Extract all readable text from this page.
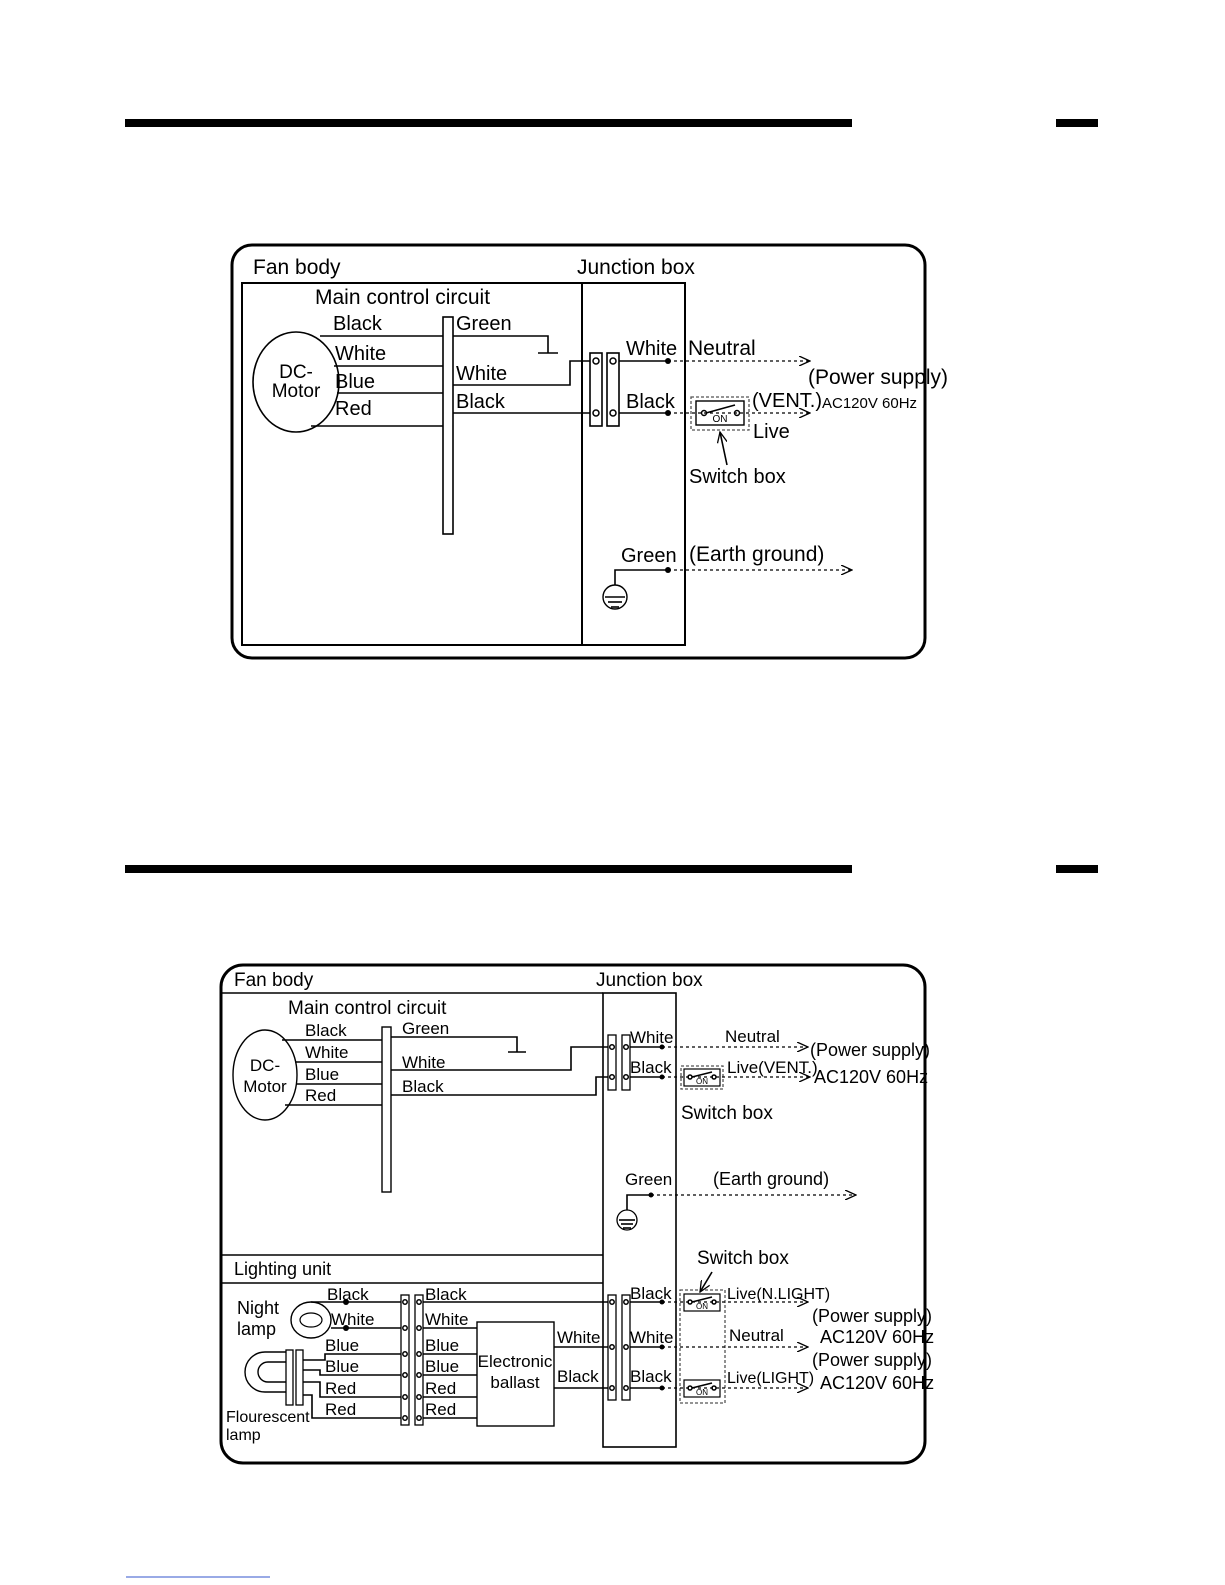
Fan body	Junction box
Main control circuit
DC-
Motor
Black
White
Blue
Red
Green
White
Black
White
Black
Neutral
ON
(VENT.)
Live
(Power supply)
AC120V 60Hz
Switch box
Green (Earth ground)
Fan body	Junction box
Main control circuit
DC-
Motor
Black
White
Blue
Red
Green
White
Black
White
Black
Neutral
(Power supply)
ON
Live(VENT.)
AC120V 60Hz
Switch box
Green (Earth ground)
Lighting unit
Night
lamp
Flourescent
lamp
Black
White
Blue
Blue
Red
Red
Black
White
Blue
Blue
Red
Red
Electronic
ballast
White
Black
Black
White
Black
ON
Switch box
Live(N.LIGHT)
(Power supply)
AC120V 60Hz
Neutral
(Power supply)
ON
Live(LIGHT) AC120V 60Hz
